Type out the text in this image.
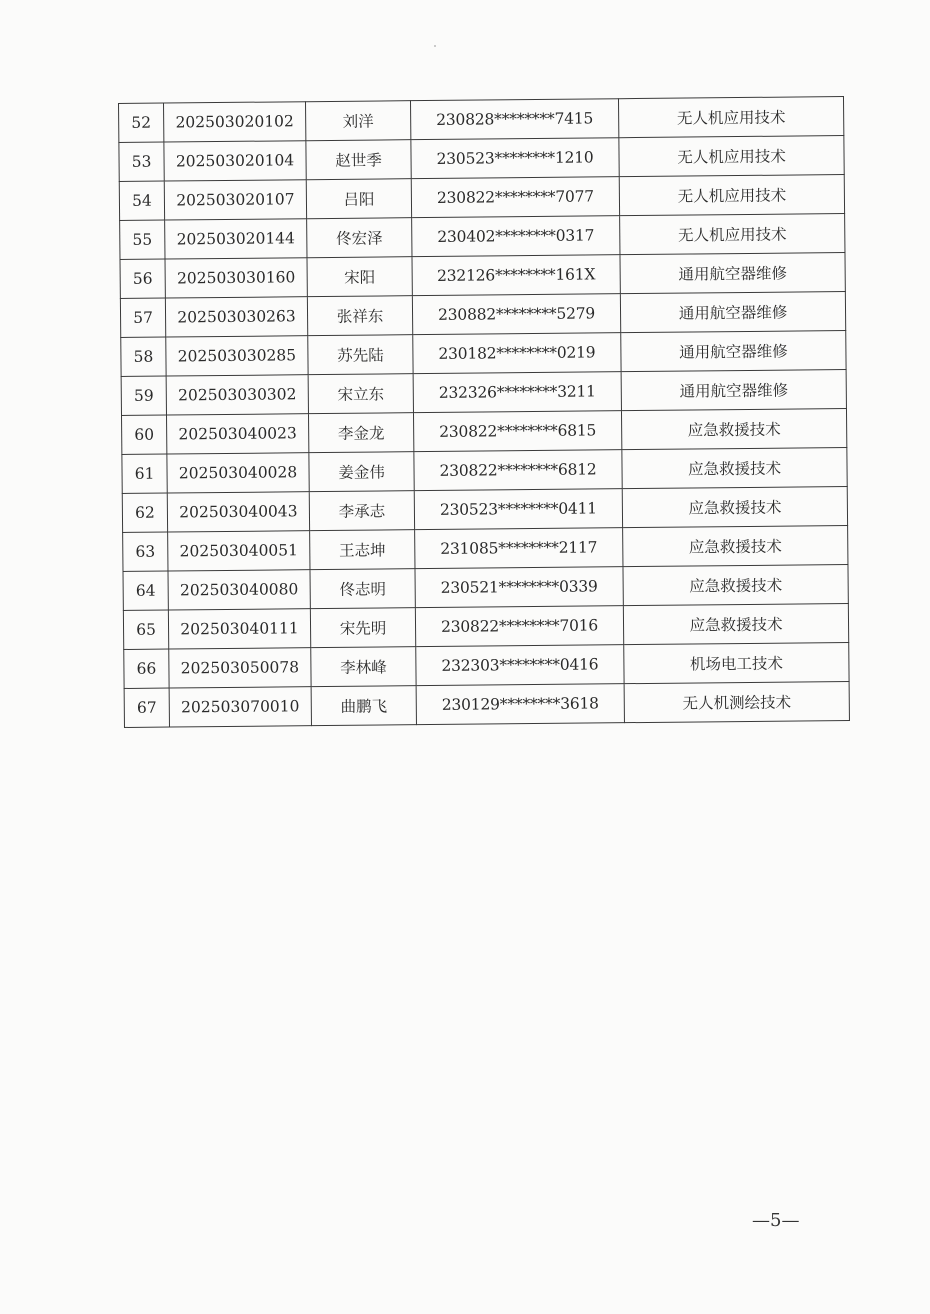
52	202503020102	刘洋	230828********7415	无人机应用技术
53	202503020104	赵世季	230523********1210	无人机应用技术
54	202503020107	吕阳	230822********7077	无人机应用技术
55	202503020144	佟宏泽	230402********0317	无人机应用技术
56	202503030160	宋阳	232126********161X	通用航空器维修
57	202503030263	张祥东	230882********5279	通用航空器维修
58	202503030285	苏先陆	230182********0219	通用航空器维修
59	202503030302	宋立东	232326********3211	通用航空器维修
60	202503040023	李金龙	230822********6815	应急救援技术
61	202503040028	姜金伟	230822********6812	应急救援技术
62	202503040043	李承志	230523********0411	应急救援技术
63	202503040051	王志坤	231085********2117	应急救援技术
64	202503040080	佟志明	230521********0339	应急救援技术
65	202503040111	宋先明	230822********7016	应急救援技术
66	202503050078	李林峰	232303********0416	机场电工技术
67	202503070010	曲鹏飞	230129********3618	无人机测绘技术
—5—
